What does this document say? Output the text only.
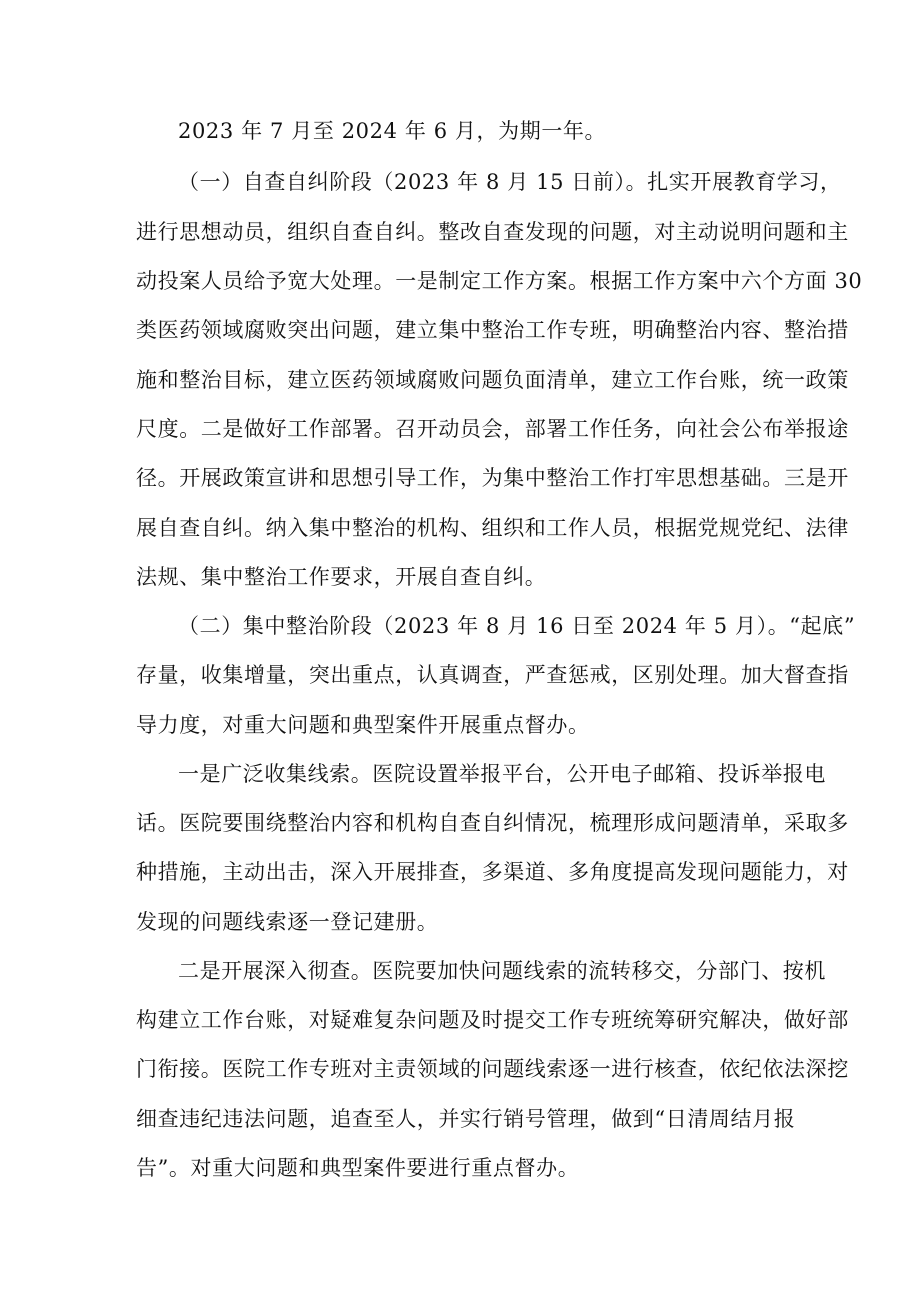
2023 年 7 月至 2024 年 6 月，为期一年。

（一）自查自纠阶段（2023 年 8 月 15 日前）。扎实开展教育学习，

进行思想动员，组织自查自纠。整改自查发现的问题，对主动说明问题和主

动投案人员给予宽大处理。一是制定工作方案。根据工作方案中六个方面 30

类医药领域腐败突出问题，建立集中整治工作专班，明确整治内容、整治措

施和整治目标，建立医药领域腐败问题负面清单，建立工作台账，统一政策

尺度。二是做好工作部署。召开动员会，部署工作任务，向社会公布举报途

径。开展政策宣讲和思想引导工作，为集中整治工作打牢思想基础。三是开

展自查自纠。纳入集中整治的机构、组织和工作人员，根据党规党纪、法律

法规、集中整治工作要求，开展自查自纠。

（二）集中整治阶段（2023 年 8 月 16 日至 2024 年 5 月）。“起底”

存量，收集增量，突出重点，认真调查，严查惩戒，区别处理。加大督查指

导力度，对重大问题和典型案件开展重点督办。

一是广泛收集线索。医院设置举报平台，公开电子邮箱、投诉举报电

话。医院要围绕整治内容和机构自查自纠情况，梳理形成问题清单，采取多

种措施，主动出击，深入开展排查，多渠道、多角度提高发现问题能力，对

发现的问题线索逐一登记建册。

二是开展深入彻查。医院要加快问题线索的流转移交，分部门、按机

构建立工作台账，对疑难复杂问题及时提交工作专班统筹研究解决，做好部

门衔接。医院工作专班对主责领域的问题线索逐一进行核查，依纪依法深挖

细查违纪违法问题，追查至人，并实行销号管理，做到“日清周结月报

告”。对重大问题和典型案件要进行重点督办。
